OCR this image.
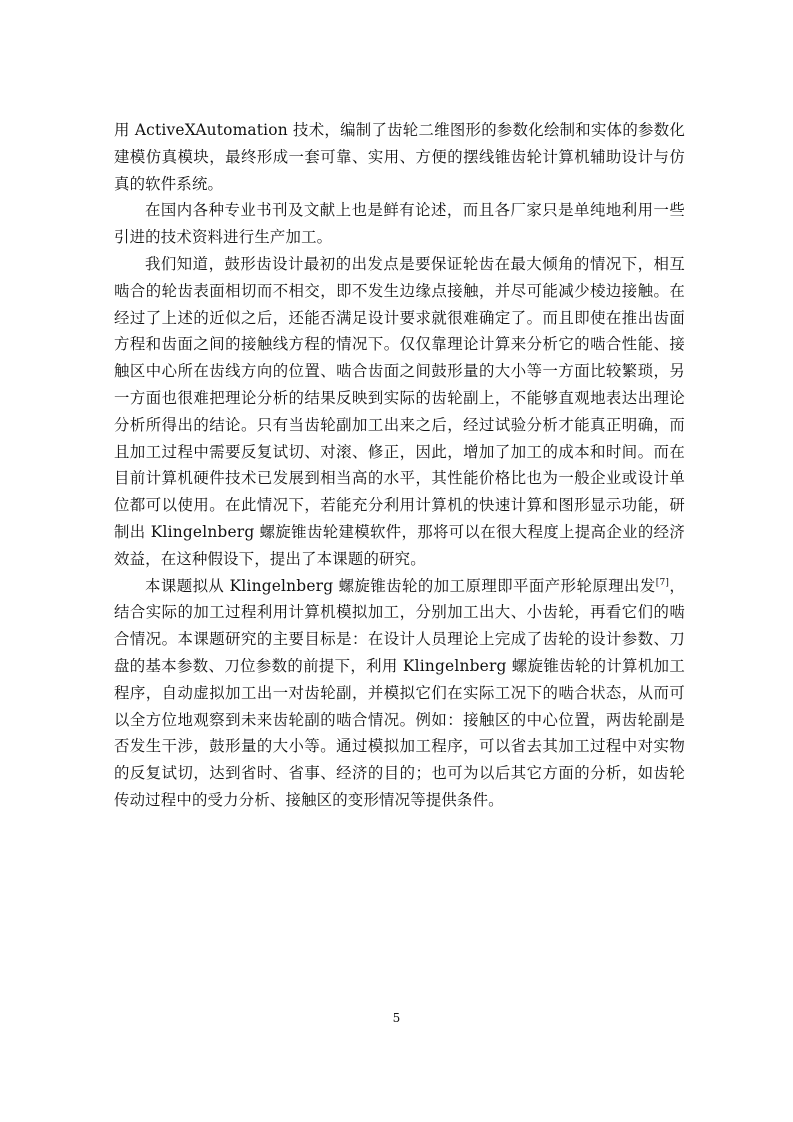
用 ActiveXAutomation 技术，编制了齿轮二维图形的参数化绘制和实体的参数化建模仿真模块，最终形成一套可靠、实用、方便的摆线锥齿轮计算机辅助设计与仿真的软件系统。

在国内各种专业书刊及文献上也是鲜有论述，而且各厂家只是单纯地利用一些引进的技术资料进行生产加工。

我们知道，鼓形齿设计最初的出发点是要保证轮齿在最大倾角的情况下，相互啮合的轮齿表面相切而不相交，即不发生边缘点接触，并尽可能减少棱边接触。在经过了上述的近似之后，还能否满足设计要求就很难确定了。而且即使在推出齿面方程和齿面之间的接触线方程的情况下。仅仅靠理论计算来分析它的啮合性能、接触区中心所在齿线方向的位置、啮合齿面之间鼓形量的大小等一方面比较繁琐，另一方面也很难把理论分析的结果反映到实际的齿轮副上，不能够直观地表达出理论分析所得出的结论。只有当齿轮副加工出来之后，经过试验分析才能真正明确，而且加工过程中需要反复试切、对滚、修正，因此，增加了加工的成本和时间。而在目前计算机硬件技术已发展到相当高的水平，其性能价格比也为一般企业或设计单位都可以使用。在此情况下，若能充分利用计算机的快速计算和图形显示功能，研制出 Klingelnberg 螺旋锥齿轮建模软件，那将可以在很大程度上提高企业的经济效益，在这种假设下，提出了本课题的研究。

本课题拟从 Klingelnberg 螺旋锥齿轮的加工原理即平面产形轮原理出发[7]，结合实际的加工过程利用计算机模拟加工，分别加工出大、小齿轮，再看它们的啮合情况。本课题研究的主要目标是：在设计人员理论上完成了齿轮的设计参数、刀盘的基本参数、刀位参数的前提下，利用 Klingelnberg 螺旋锥齿轮的计算机加工程序，自动虚拟加工出一对齿轮副，并模拟它们在实际工况下的啮合状态，从而可以全方位地观察到未来齿轮副的啮合情况。例如：接触区的中心位置，两齿轮副是否发生干涉，鼓形量的大小等。通过模拟加工程序，可以省去其加工过程中对实物的反复试切，达到省时、省事、经济的目的；也可为以后其它方面的分析，如齿轮传动过程中的受力分析、接触区的变形情况等提供条件。

5
